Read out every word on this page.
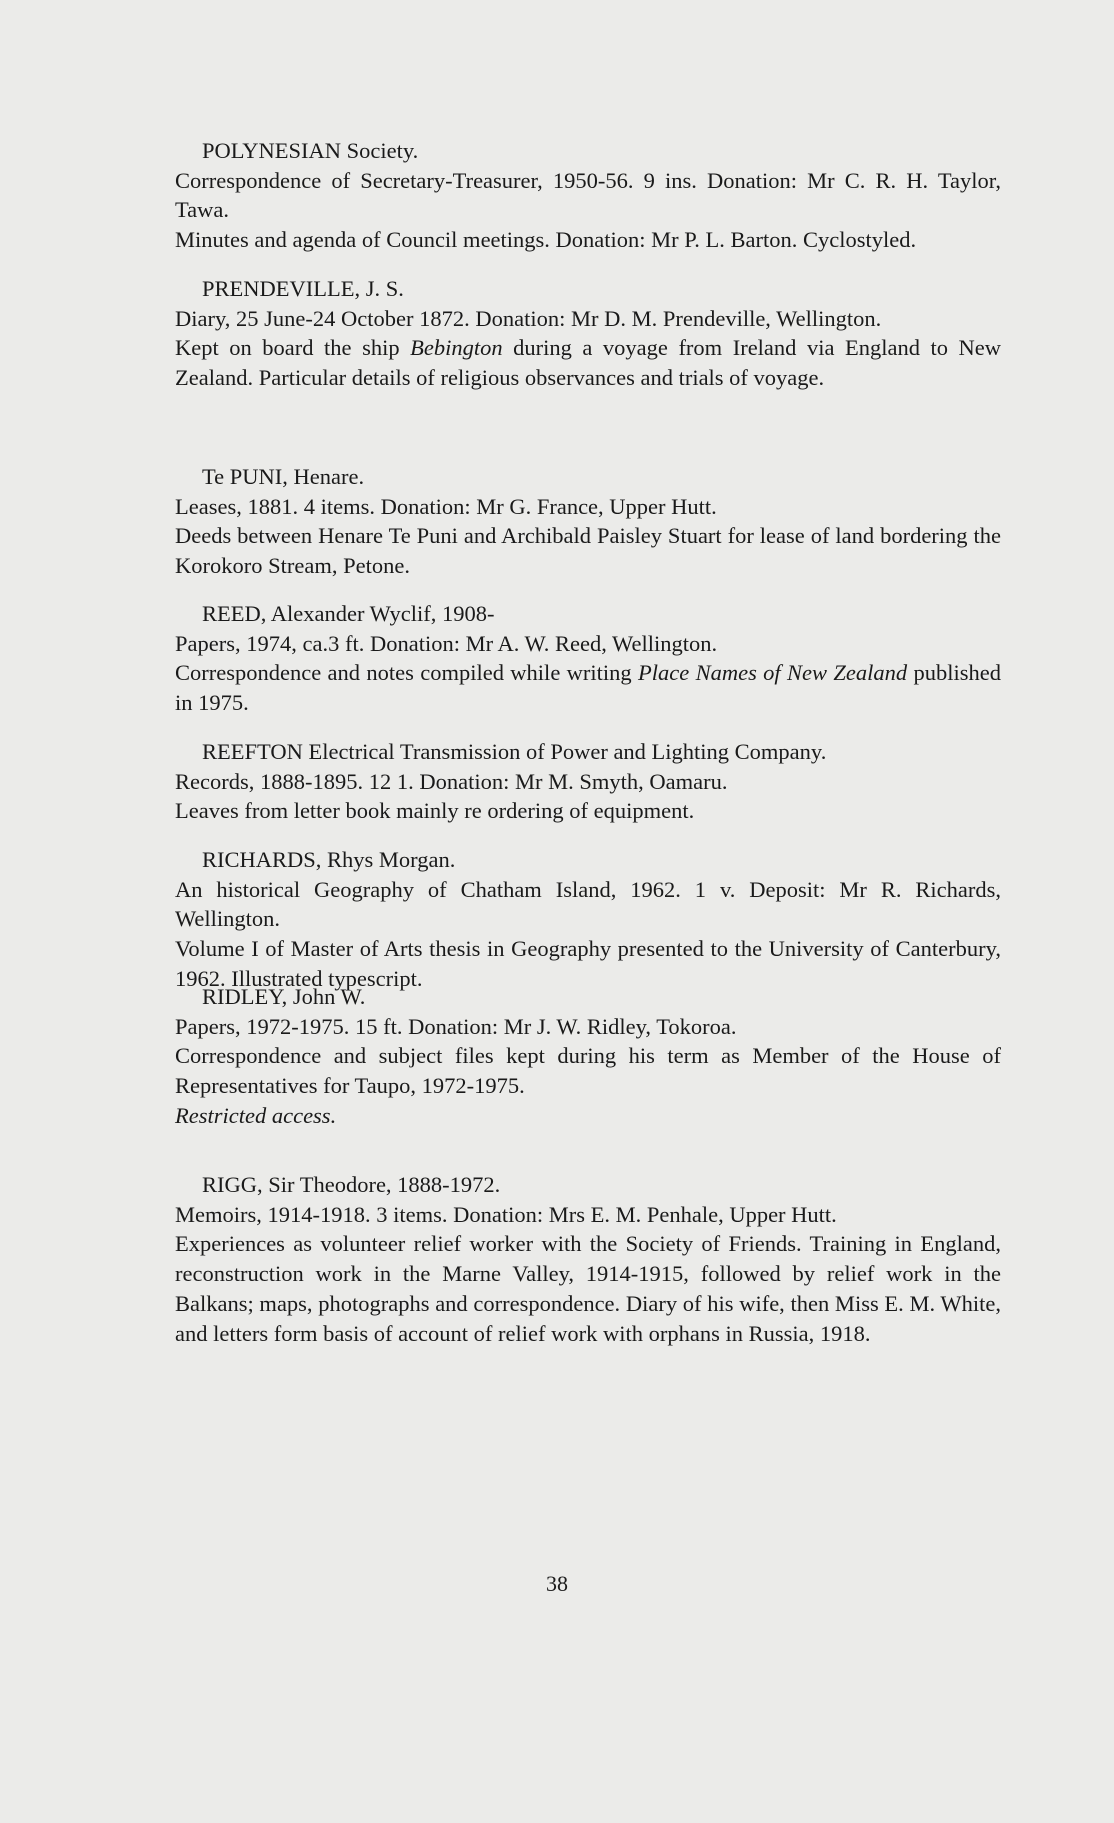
POLYNESIAN Society.

Correspondence of Secretary-Treasurer, 1950-56. 9 ins. Donation: Mr C. R. H. Taylor, Tawa.

Minutes and agenda of Council meetings. Donation: Mr P. L. Barton. Cyclostyled.

PRENDEVILLE, J. S.

Diary, 25 June-24 October 1872. Donation: Mr D. M. Prendeville, Wellington.

Kept on board the ship Bebington during a voyage from Ireland via England to New Zealand. Particular details of religious observances and trials of voyage.

Te PUNI, Henare.

Leases, 1881. 4 items. Donation: Mr G. France, Upper Hutt.

Deeds between Henare Te Puni and Archibald Paisley Stuart for lease of land bordering the Korokoro Stream, Petone.

REED, Alexander Wyclif, 1908-

Papers, 1974, ca.3 ft. Donation: Mr A. W. Reed, Wellington.

Correspondence and notes compiled while writing Place Names of New Zealand published in 1975.

REEFTON Electrical Transmission of Power and Lighting Company.

Records, 1888-1895. 12 1. Donation: Mr M. Smyth, Oamaru.

Leaves from letter book mainly re ordering of equipment.

RICHARDS, Rhys Morgan.

An historical Geography of Chatham Island, 1962. 1 v. Deposit: Mr R. Richards, Wellington.

Volume I of Master of Arts thesis in Geography presented to the University of Canterbury, 1962. Illustrated typescript.

RIDLEY, John W.

Papers, 1972-1975. 15 ft. Donation: Mr J. W. Ridley, Tokoroa.

Correspondence and subject files kept during his term as Member of the House of Representatives for Taupo, 1972-1975.

Restricted access.

RIGG, Sir Theodore, 1888-1972.

Memoirs, 1914-1918. 3 items. Donation: Mrs E. M. Penhale, Upper Hutt.

Experiences as volunteer relief worker with the Society of Friends. Training in England, reconstruction work in the Marne Valley, 1914-1915, followed by relief work in the Balkans; maps, photographs and correspondence. Diary of his wife, then Miss E. M. White, and letters form basis of account of relief work with orphans in Russia, 1918.

38
